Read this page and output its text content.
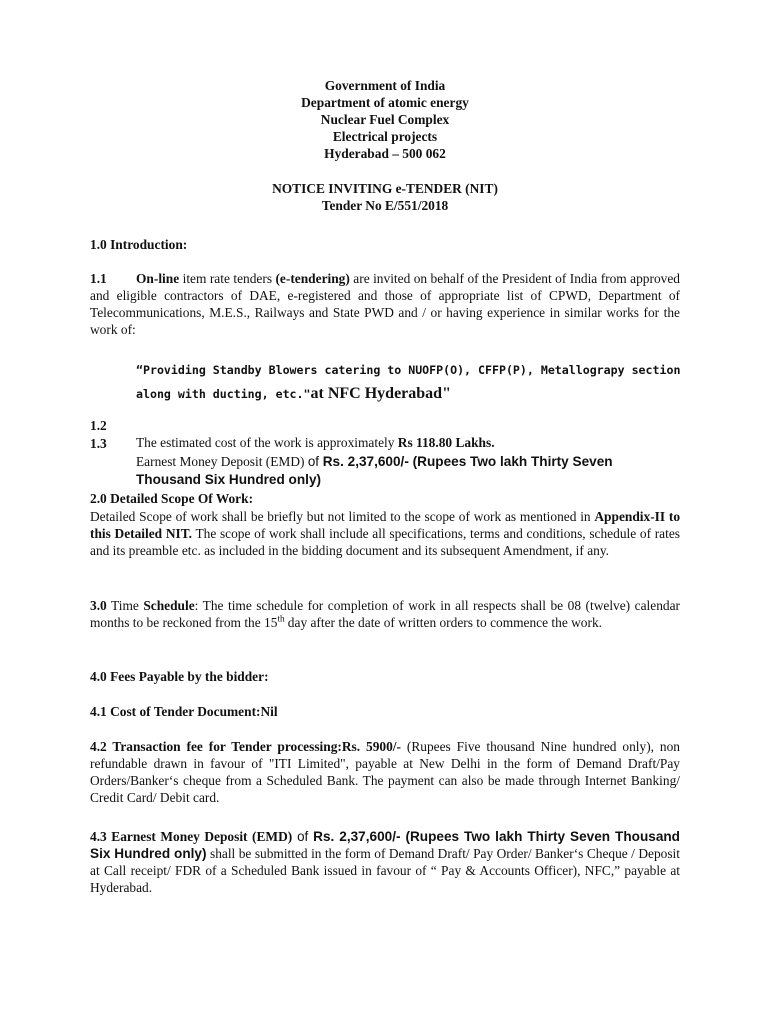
Government of India
Department of atomic energy
Nuclear Fuel Complex
Electrical projects
Hyderabad – 500 062
NOTICE INVITING e-TENDER (NIT)
Tender No E/551/2018
1.0 Introduction:
1.1 On-line item rate tenders (e-tendering) are invited on behalf of the President of India from approved and eligible contractors of DAE, e-registered and those of appropriate list of CPWD, Department of Telecommunications, M.E.S., Railways and State PWD and / or having experience in similar works for the work of:
“Providing Standby Blowers catering to NUOFP(O), CFFP(P), Metallograpy section along with ducting, etc."at NFC Hyderabad"
1.2
The estimated cost of the work is approximately Rs 118.80 Lakhs.
1.3
Earnest Money Deposit (EMD) of Rs. 2,37,600/- (Rupees Two lakh Thirty Seven Thousand Six Hundred only)
2.0 Detailed Scope Of Work:
Detailed Scope of work shall be briefly but not limited to the scope of work as mentioned in Appendix-II to this Detailed NIT. The scope of work shall include all specifications, terms and conditions, schedule of rates and its preamble etc. as included in the bidding document and its subsequent Amendment, if any.
3.0 Time Schedule: The time schedule for completion of work in all respects shall be 08 (twelve) calendar months to be reckoned from the 15th day after the date of written orders to commence the work.
4.0 Fees Payable by the bidder:
4.1 Cost of Tender Document:Nil
4.2 Transaction fee for Tender processing:Rs. 5900/- (Rupees Five thousand Nine hundred only), non refundable drawn in favour of "ITI Limited", payable at New Delhi in the form of Demand Draft/Pay Orders/Banker‘s cheque from a Scheduled Bank. The payment can also be made through Internet Banking/ Credit Card/ Debit card.
4.3 Earnest Money Deposit (EMD) of Rs. 2,37,600/- (Rupees Two lakh Thirty Seven Thousand Six Hundred only) shall be submitted in the form of Demand Draft/ Pay Order/ Banker‘s Cheque / Deposit at Call receipt/ FDR of a Scheduled Bank issued in favour of “ Pay & Accounts Officer), NFC,” payable at Hyderabad.
